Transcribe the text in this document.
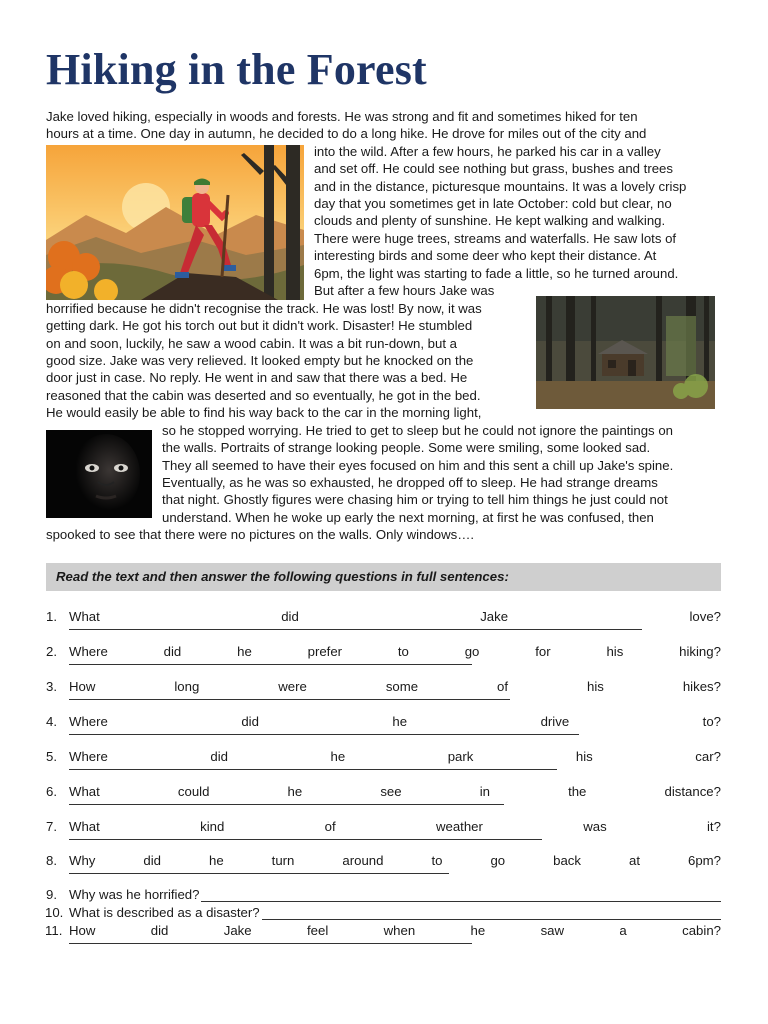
Hiking in the Forest
Jake loved hiking, especially in woods and forests. He was strong and fit and sometimes hiked for ten
hours at a time. One day in autumn, he decided to do a long hike. He drove for miles out of the city and
into the wild. After a few hours, he parked his car in a valley
and set off. He could see nothing but grass, bushes and trees
and in the distance, picturesque mountains. It was a lovely crisp
day that you sometimes get in late October: cold but clear, no
clouds and plenty of sunshine. He kept walking and walking.
There were huge trees, streams and waterfalls. He saw lots of
interesting birds and some deer who kept their distance. At
6pm, the light was starting to fade a little, so he turned around.
But after a few hours Jake was
horrified because he didn't recognise the track. He was lost! By now, it was
getting dark. He got his torch out but it didn't work. Disaster! He stumbled
on and soon, luckily, he saw a wood cabin. It was a bit run-down, but a
good size. Jake was very relieved. It looked empty but he knocked on the
door just in case. No reply. He went in and saw that there was a bed. He
reasoned that the cabin was deserted and so eventually, he got in the bed.
He would easily be able to find his way back to the car in the morning light,
so he stopped worrying. He tried to get to sleep but he could not ignore the paintings on
the walls. Portraits of strange looking people. Some were smiling, some looked sad.
They all seemed to have their eyes focused on him and this sent a chill up Jake's spine.
Eventually, as he was so exhausted, he dropped off to sleep. He had strange dreams
that night. Ghostly figures were chasing him or trying to tell him things he just could not
understand. When he woke up early the next morning, at first he was confused, then
spooked to see that there were no pictures on the walls. Only windows….
Read the text and then answer the following questions in full sentences:
1. What	did	Jake	love?
2. Where	did	he	prefer	to	go	for	his	hiking?
3. How	long	were	some	of	his	hikes?
4. Where	did	he	drive	to?
5. Where	did	he	park	his	car?
6. What	could	he	see	in	the	distance?
7. What	kind	of	weather	was	it?
8. Why	did	he	turn	around	to	go	back	at	6pm?
9. Why was he horrified?
10. What is described as a disaster?
11. How	did	Jake	feel	when	he	saw	a	cabin?
